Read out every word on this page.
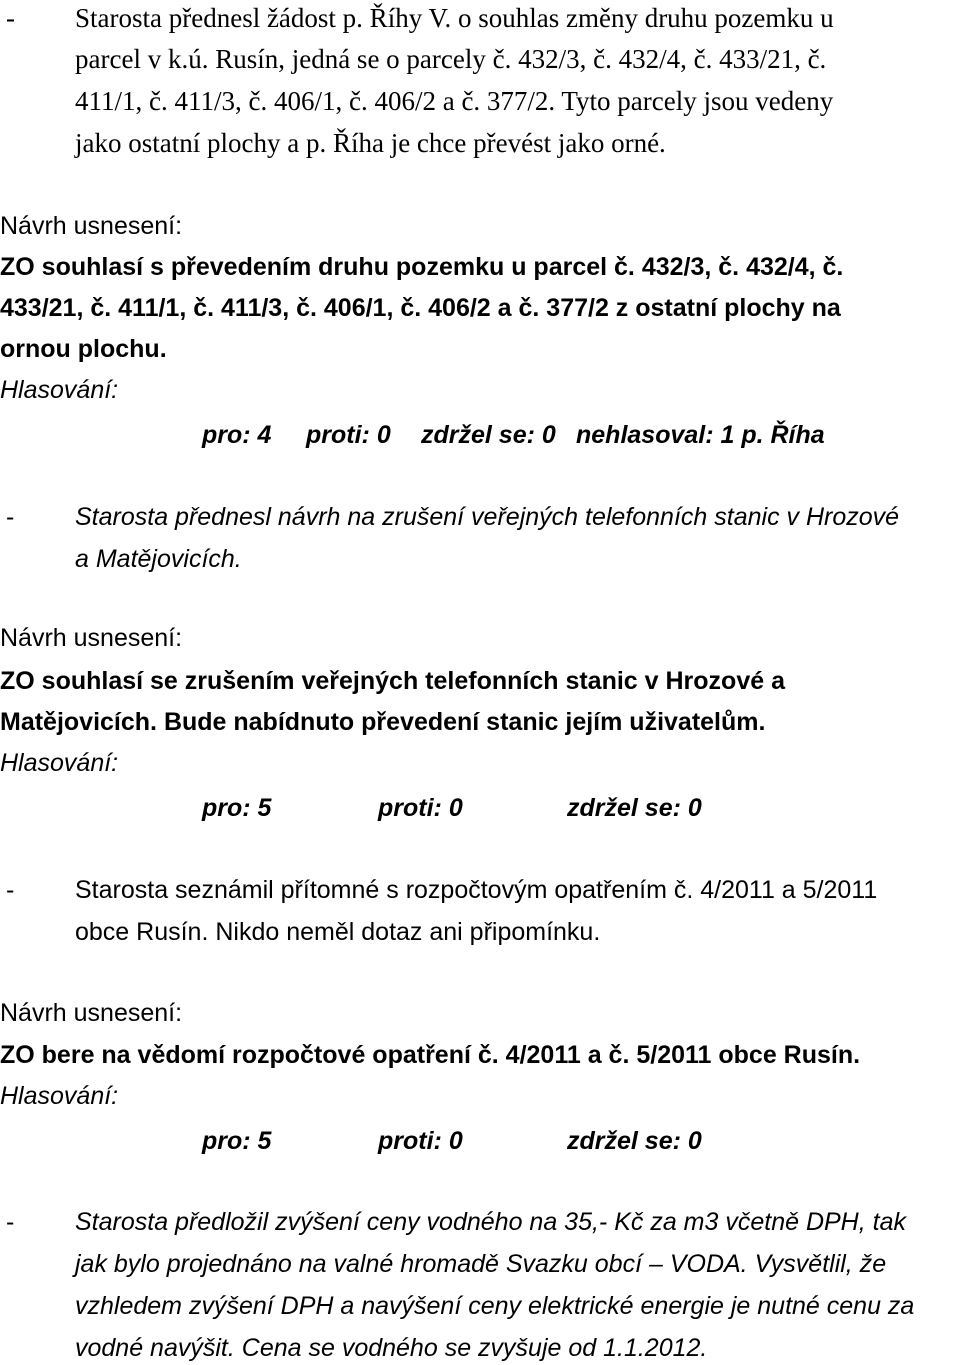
- Starosta přednesl žádost p. Říhy V. o souhlas změny druhu pozemku u
parcel v k.ú. Rusín, jedná se o parcely č. 432/3, č. 432/4, č. 433/21, č.
411/1, č. 411/3, č. 406/1, č. 406/2 a č. 377/2. Tyto parcely jsou vedeny
jako ostatní plochy a p. Říha je chce převést jako orné.
Návrh usnesení:
ZO souhlasí s převedením druhu pozemku u parcel č. 432/3, č. 432/4, č.
433/21, č. 411/1, č. 411/3, č. 406/1, č. 406/2 a č. 377/2 z ostatní plochy na
ornou plochu.
Hlasování:
pro: 4 proti: 0 zdržel se: 0 nehlasoval: 1 p. Říha
- Starosta přednesl návrh na zrušení veřejných telefonních stanic v Hrozové
a Matějovicích.
Návrh usnesení:
ZO souhlasí se zrušením veřejných telefonních stanic v Hrozové a
Matějovicích. Bude nabídnuto převedení stanic jejím uživatelům.
Hlasování:
pro: 5	proti: 0	zdržel se: 0
- Starosta seznámil přítomné s rozpočtovým opatřením č. 4/2011 a 5/2011
obce Rusín. Nikdo neměl dotaz ani připomínku.
Návrh usnesení:
ZO bere na vědomí rozpočtové opatření č. 4/2011 a č. 5/2011 obce Rusín.
Hlasování:
pro: 5	proti: 0	zdržel se: 0
- Starosta předložil zvýšení ceny vodného na 35,- Kč za m3 včetně DPH, tak
jak bylo projednáno na valné hromadě Svazku obcí – VODA. Vysvětlil, že
vzhledem zvýšení DPH a navýšení ceny elektrické energie je nutné cenu za
vodné navýšit. Cena se vodného se zvyšuje od 1.1.2012.
